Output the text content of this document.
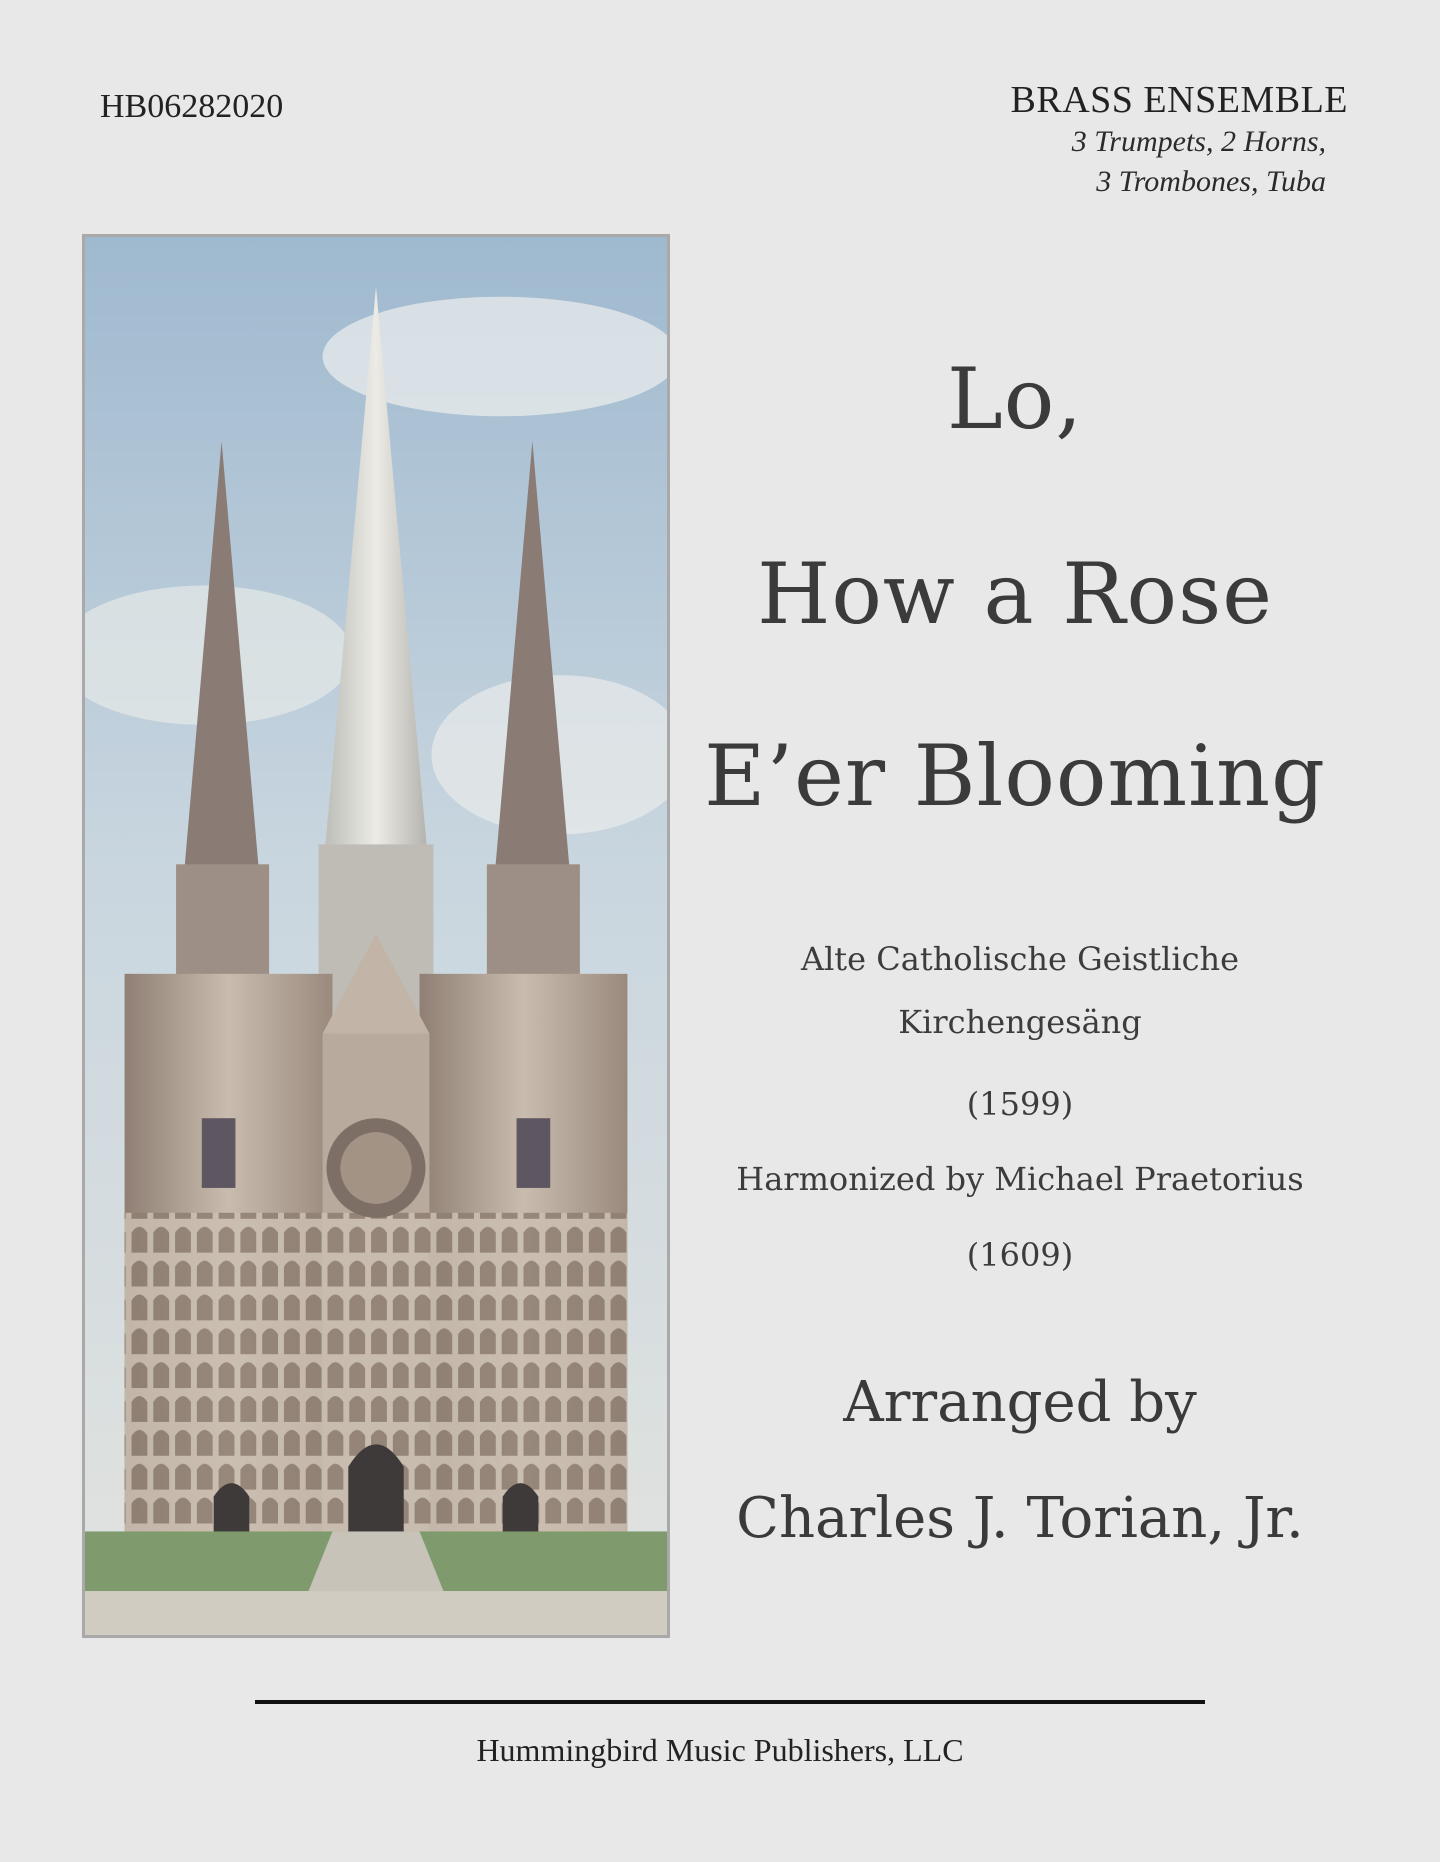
HB06282020	BRASS ENSEMBLE
3 Trumpets, 2 Horns,
3 Trombones, Tuba
Lo,
How a Rose
E’er Blooming
Alte Catholische Geistliche
Kirchengesäng
(1599)
Harmonized by Michael Praetorius
(1609)
Arranged by
Charles J. Torian, Jr.
Hummingbird Music Publishers, LLC
